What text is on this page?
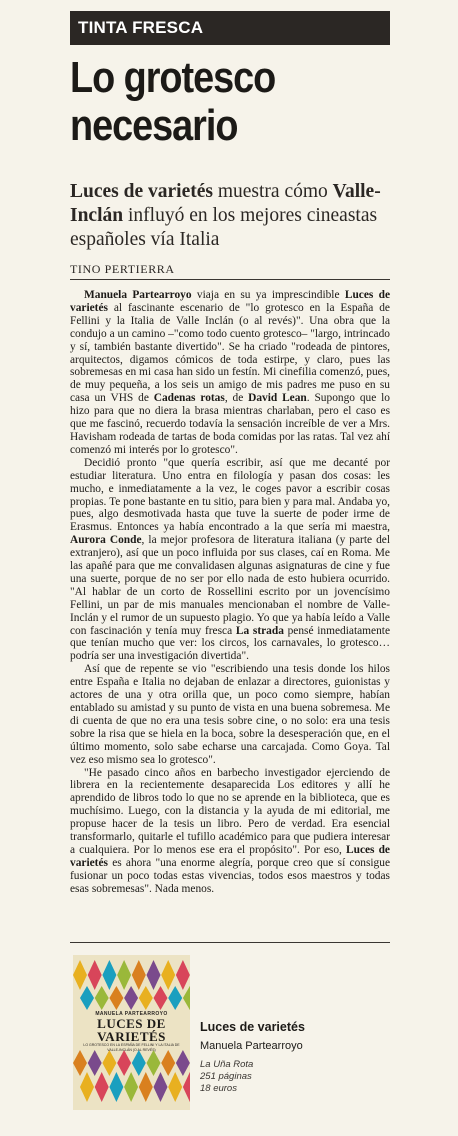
TINTA FRESCA
Lo grotesco necesario
Luces de varietés muestra cómo Valle-Inclán influyó en los mejores cineastas españoles vía Italia
TINO PERTIERRA

Manuela Partearroyo viaja en su ya imprescindible Luces de varietés al fascinante escenario de "lo grotesco en la España de Fellini y la Italia de Valle Inclán (o al revés)". Una obra que la condujo a un camino –"como todo cuento grotesco– "largo, intrincado y sí, también bastante divertido". Se ha criado "rodeada de pintores, arquitectos, digamos cómicos de toda estirpe, y claro, pues las sobremesas en mi casa han sido un festín. Mi cinefilia comenzó, pues, de muy pequeña, a los seis un amigo de mis padres me puso en su casa un VHS de Cadenas rotas, de David Lean. Supongo que lo hizo para que no diera la brasa mientras charlaban, pero el caso es que me fascinó, recuerdo todavía la sensación increíble de ver a Mrs. Havisham rodeada de tartas de boda comidas por las ratas. Tal vez ahí comenzó mi interés por lo grotesco".

Decidió pronto "que quería escribir, así que me decanté por estudiar literatura. Uno entra en filología y pasan dos cosas: les mucho, e inmediatamente a la vez, le coges pavor a escribir cosas propias. Te pone bastante en tu sitio, para bien y para mal. Andaba yo, pues, algo desmotivada hasta que tuve la suerte de poder irme de Erasmus. Entonces ya había encontrado a la que sería mi maestra, Aurora Conde, la mejor profesora de literatura italiana (y parte del extranjero), así que un poco influida por sus clases, caí en Roma. Me las apañé para que me convalidasen algunas asignaturas de cine y fue una suerte, porque de no ser por ello nada de esto hubiera ocurrido. "Al hablar de un corto de Rossellini escrito por un jovencísimo Fellini, un par de mis manuales mencionaban el nombre de Valle-Inclán y el rumor de un supuesto plagio. Yo que ya había leído a Valle con fascinación y tenía muy fresca La strada pensé inmediatamente que tenían mucho que ver: los circos, los carnavales, lo grotesco… podría ser una investigación divertida".

Así que de repente se vio "escribiendo una tesis donde los hilos entre España e Italia no dejaban de enlazar a directores, guionistas y actores de una y otra orilla que, un poco como siempre, habían entablado su amistad y su punto de vista en una buena sobremesa. Me di cuenta de que no era una tesis sobre cine, o no solo: era una tesis sobre la risa que se hiela en la boca, sobre la desesperación que, en el último momento, solo sabe echarse una carcajada. Como Goya. Tal vez eso mismo sea lo grotesco".

"He pasado cinco años en barbecho investigador ejerciendo de librera en la recientemente desaparecida Los editores y allí he aprendido de libros todo lo que no se aprende en la biblioteca, que es muchísimo. Luego, con la distancia y la ayuda de mi editorial, me propuse hacer de la tesis un libro. Pero de verdad. Era esencial transformarlo, quitarle el tufillo académico para que pudiera interesar a cualquiera. Por lo menos ese era el propósito". Por eso, Luces de varietés es ahora "una enorme alegría, porque creo que sí consigue fusionar un poco todas estas vivencias, todos esos maestros y todas esas sobremesas". Nada menos.

MANUELA PARTEARROYO
LUCES DE VARIETÉS
LO GROTESCO EN LA ESPAÑA DE FELLINI Y LA ITALIA DE VALLE-INCLÁN (O AL REVÉS)
Luces de varietés
Manuela Partearroyo
La Uña Rota
251 páginas
18 euros
